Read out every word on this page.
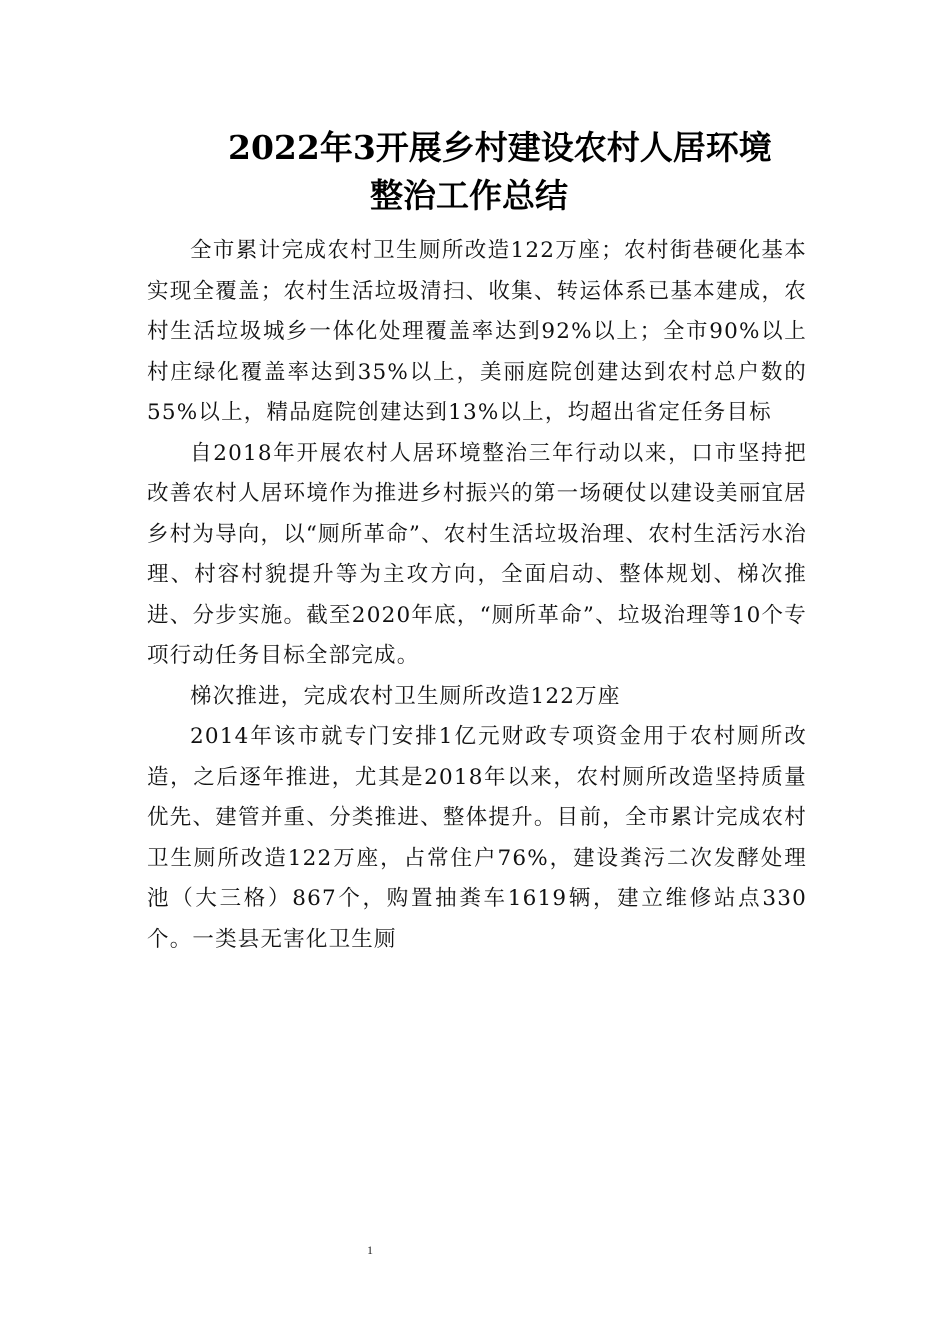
2022年3开展乡村建设农村人居环境
整治工作总结

全市累计完成农村卫生厕所改造122万座；农村街巷硬化基本实现全覆盖；农村生活垃圾清扫、收集、转运体系已基本建成，农村生活垃圾城乡一体化处理覆盖率达到92%以上；全市90%以上村庄绿化覆盖率达到35%以上，美丽庭院创建达到农村总户数的55%以上，精品庭院创建达到13%以上，均超出省定任务目标

自2018年开展农村人居环境整治三年行动以来，口市坚持把改善农村人居环境作为推进乡村振兴的第一场硬仗以建设美丽宜居乡村为导向，以“厕所革命”、农村生活垃圾治理、农村生活污水治理、村容村貌提升等为主攻方向，全面启动、整体规划、梯次推进、分步实施。截至2020年底，“厕所革命”、垃圾治理等10个专项行动任务目标全部完成。

梯次推进，完成农村卫生厕所改造122万座

2014年该市就专门安排1亿元财政专项资金用于农村厕所改造，之后逐年推进，尤其是2018年以来，农村厕所改造坚持质量优先、建管并重、分类推进、整体提升。目前，全市累计完成农村卫生厕所改造122万座，占常住户76%，建设粪污二次发酵处理池（大三格）867个，购置抽粪车1619辆，建立维修站点330个。一类县无害化卫生厕

1
